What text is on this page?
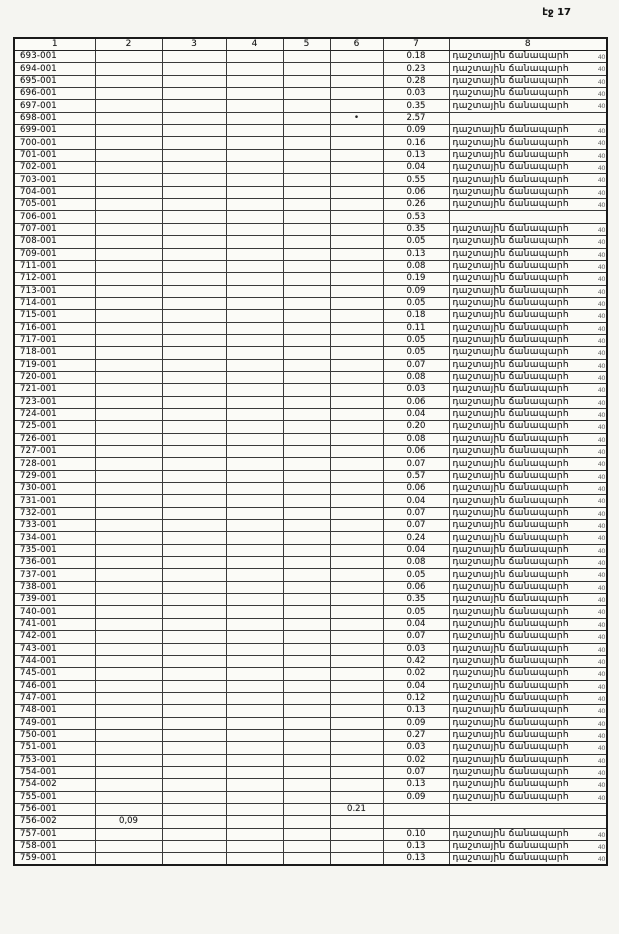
էջ 17
1	2	3	4	5	6	7	8
693-001						0.18	դաշտային ճանապարհ 40

694-001						0.23	դաշտային ճանապարհ 40

695-001						0.28	դաշտային ճանապարհ 40

696-001						0.03	դաշտային ճանապարհ 40

697-001						0.35	դաշտային ճանապարհ 40

698-001					•	2.57	
699-001						0.09	դաշտային ճանապարհ 40

700-001						0.16	դաշտային ճանապարհ 40

701-001						0.13	դաշտային ճանապարհ 40

702-001						0.04	դաշտային ճանապարհ 40

703-001						0.55	դաշտային ճանապարհ 40

704-001						0.06	դաշտային ճանապարհ 40

705-001						0.26	դաշտային ճանապարհ 40

706-001						0.53	
707-001						0.35	դաշտային ճանապարհ 40

708-001						0.05	դաշտային ճանապարհ 40

709-001						0.13	դաշտային ճանապարհ 40

711-001						0.08	դաշտային ճանապարհ 40

712-001						0.19	դաշտային ճանապարհ 40

713-001						0.09	դաշտային ճանապարհ 40

714-001						0.05	դաշտային ճանապարհ 40

715-001						0.18	դաշտային ճանապարհ 40

716-001						0.11	դաշտային ճանապարհ 40

717-001						0.05	դաշտային ճանապարհ 40

718-001						0.05	դաշտային ճանապարհ 40

719-001						0.07	դաշտային ճանապարհ 40

720-001						0.08	դաշտային ճանապարհ 40

721-001						0.03	դաշտային ճանապարհ 40

723-001						0.06	դաշտային ճանապարհ 40

724-001						0.04	դաշտային ճանապարհ 40

725-001						0.20	դաշտային ճանապարհ 40

726-001						0.08	դաշտային ճանապարհ 40

727-001						0.06	դաշտային ճանապարհ 40

728-001						0.07	դաշտային ճանապարհ 40

729-001						0.57	դաշտային ճանապարհ 40

730-001						0.06	դաշտային ճանապարհ 40

731-001						0.04	դաշտային ճանապարհ 40

732-001						0.07	դաշտային ճանապարհ 40

733-001						0.07	դաշտային ճանապարհ 40

734-001						0.24	դաշտային ճանապարհ 40

735-001						0.04	դաշտային ճանապարհ 40

736-001						0.08	դաշտային ճանապարհ 40

737-001						0.05	դաշտային ճանապարհ 40

738-001						0.06	դաշտային ճանապարհ 40

739-001						0.35	դաշտային ճանապարհ 40

740-001						0.05	դաշտային ճանապարհ 40

741-001						0.04	դաշտային ճանապարհ 40

742-001						0.07	դաշտային ճանապարհ 40

743-001						0.03	դաշտային ճանապարհ 40

744-001						0.42	դաշտային ճանապարհ 40

745-001						0.02	դաշտային ճանապարհ 40

746-001						0.04	դաշտային ճանապարհ 40

747-001						0.12	դաշտային ճանապարհ 40

748-001						0.13	դաշտային ճանապարհ 40

749-001						0.09	դաշտային ճանապարհ 40

750-001						0.27	դաշտային ճանապարհ 40

751-001						0.03	դաշտային ճանապարհ 40

753-001						0.02	դաշտային ճանապարհ 40

754-001						0.07	դաշտային ճանապարհ 40

754-002						0.13	դաշտային ճանապարհ 40

755-001						0.09	դաշտային ճանապարհ 40

756-001					0.21		
756-002	0,09						
757-001						0.10	դաշտային ճանապարհ 40

758-001						0.13	դաշտային ճանապարհ 40

759-001						0.13	դաշտային ճանապարհ 40
